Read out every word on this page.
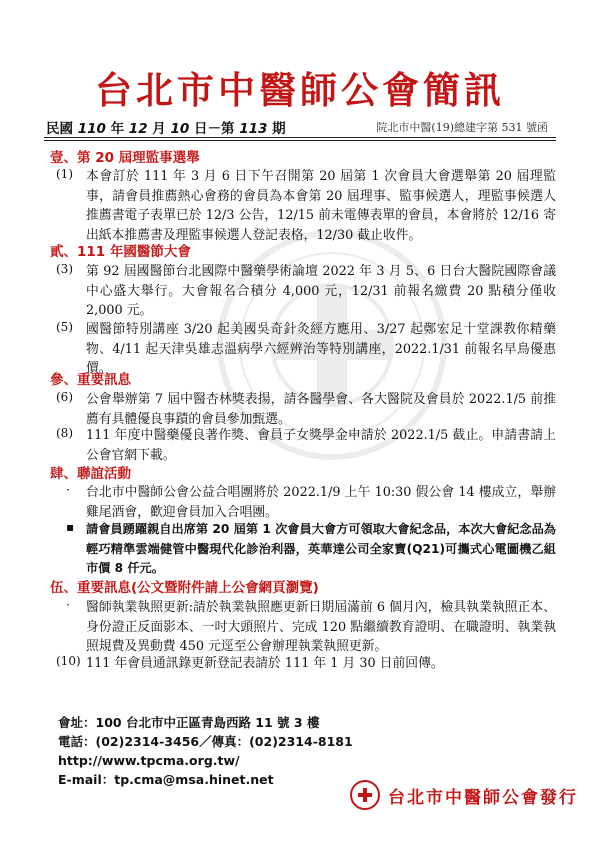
台北市中醫師公會簡訊
民國 110 年 12 月 10 日－第 113 期	院北市中醫(19)總建字第 531 號函
壹、第 20 屆理監事選舉
(1) 本會訂於 111 年 3 月 6 日下午召開第 20 屆第 1 次會員大會選舉第 20 屆理監事，請會員推薦熱心會務的會員為本會第 20 屆理事、監事候選人，理監事候選人推薦書電子表單已於 12/3 公告，12/15 前未電傳表單的會員，本會將於 12/16 寄出紙本推薦書及理監事候選人登記表格，12/30 截止收件。
貳、111 年國醫節大會
(3) 第 92 屆國醫節台北國際中醫藥學術論壇 2022 年 3 月 5、6 日台大醫院國際會議中心盛大舉行。大會報名合積分 4,000 元，12/31 前報名繳費 20 點積分僅收 2,000 元。
(5) 國醫節特別講座 3/20 起美國吳奇針灸經方應用、3/27 起鄭宏足十堂課教你精藥物、4/11 起天津吳雄志溫病學六經辨治等特別講座，2022.1/31 前報名早鳥優惠價。
參、重要訊息
(6) 公會舉辦第 7 屆中醫杏林獎表揚，請各醫學會、各大醫院及會員於 2022.1/5 前推薦有具體優良事蹟的會員參加甄選。
(8) 111 年度中醫藥優良著作獎、會員子女獎學金申請於 2022.1/5 截止。申請書請上公會官網下載。
肆、聯誼活動
· 台北市中醫師公會公益合唱團將於 2022.1/9 上午 10:30 假公會 14 樓成立，舉辦雞尾酒會，歡迎會員加入合唱團。
▪ 請會員踴躍親自出席第 20 屆第 1 次會員大會方可領取大會紀念品，本次大會紀念品為輕巧精準雲端健管中醫現代化診治利器，英華達公司全家寶(Q21)可攜式心電圖機乙組市價 8 仟元。
伍、重要訊息(公文暨附件請上公會網頁瀏覽)
· 醫師執業執照更新:請於執業執照應更新日期屆滿前 6 個月內，檢具執業執照正本、身份證正反面影本、一吋大頭照片、完成 120 點繼續教育證明、在職證明、執業執照規費及異動費 450 元逕至公會辦理執業執照更新。
(10) 111 年會員通訊錄更新登記表請於 111 年 1 月 30 日前回傳。
會址：100 台北市中正區青島西路 11 號 3 樓
電話：(02)2314-3456／傳真：(02)2314-8181
http://www.tpcma.org.tw/
E-mail：tp.cma@msa.hinet.net
台北市中醫師公會發行
